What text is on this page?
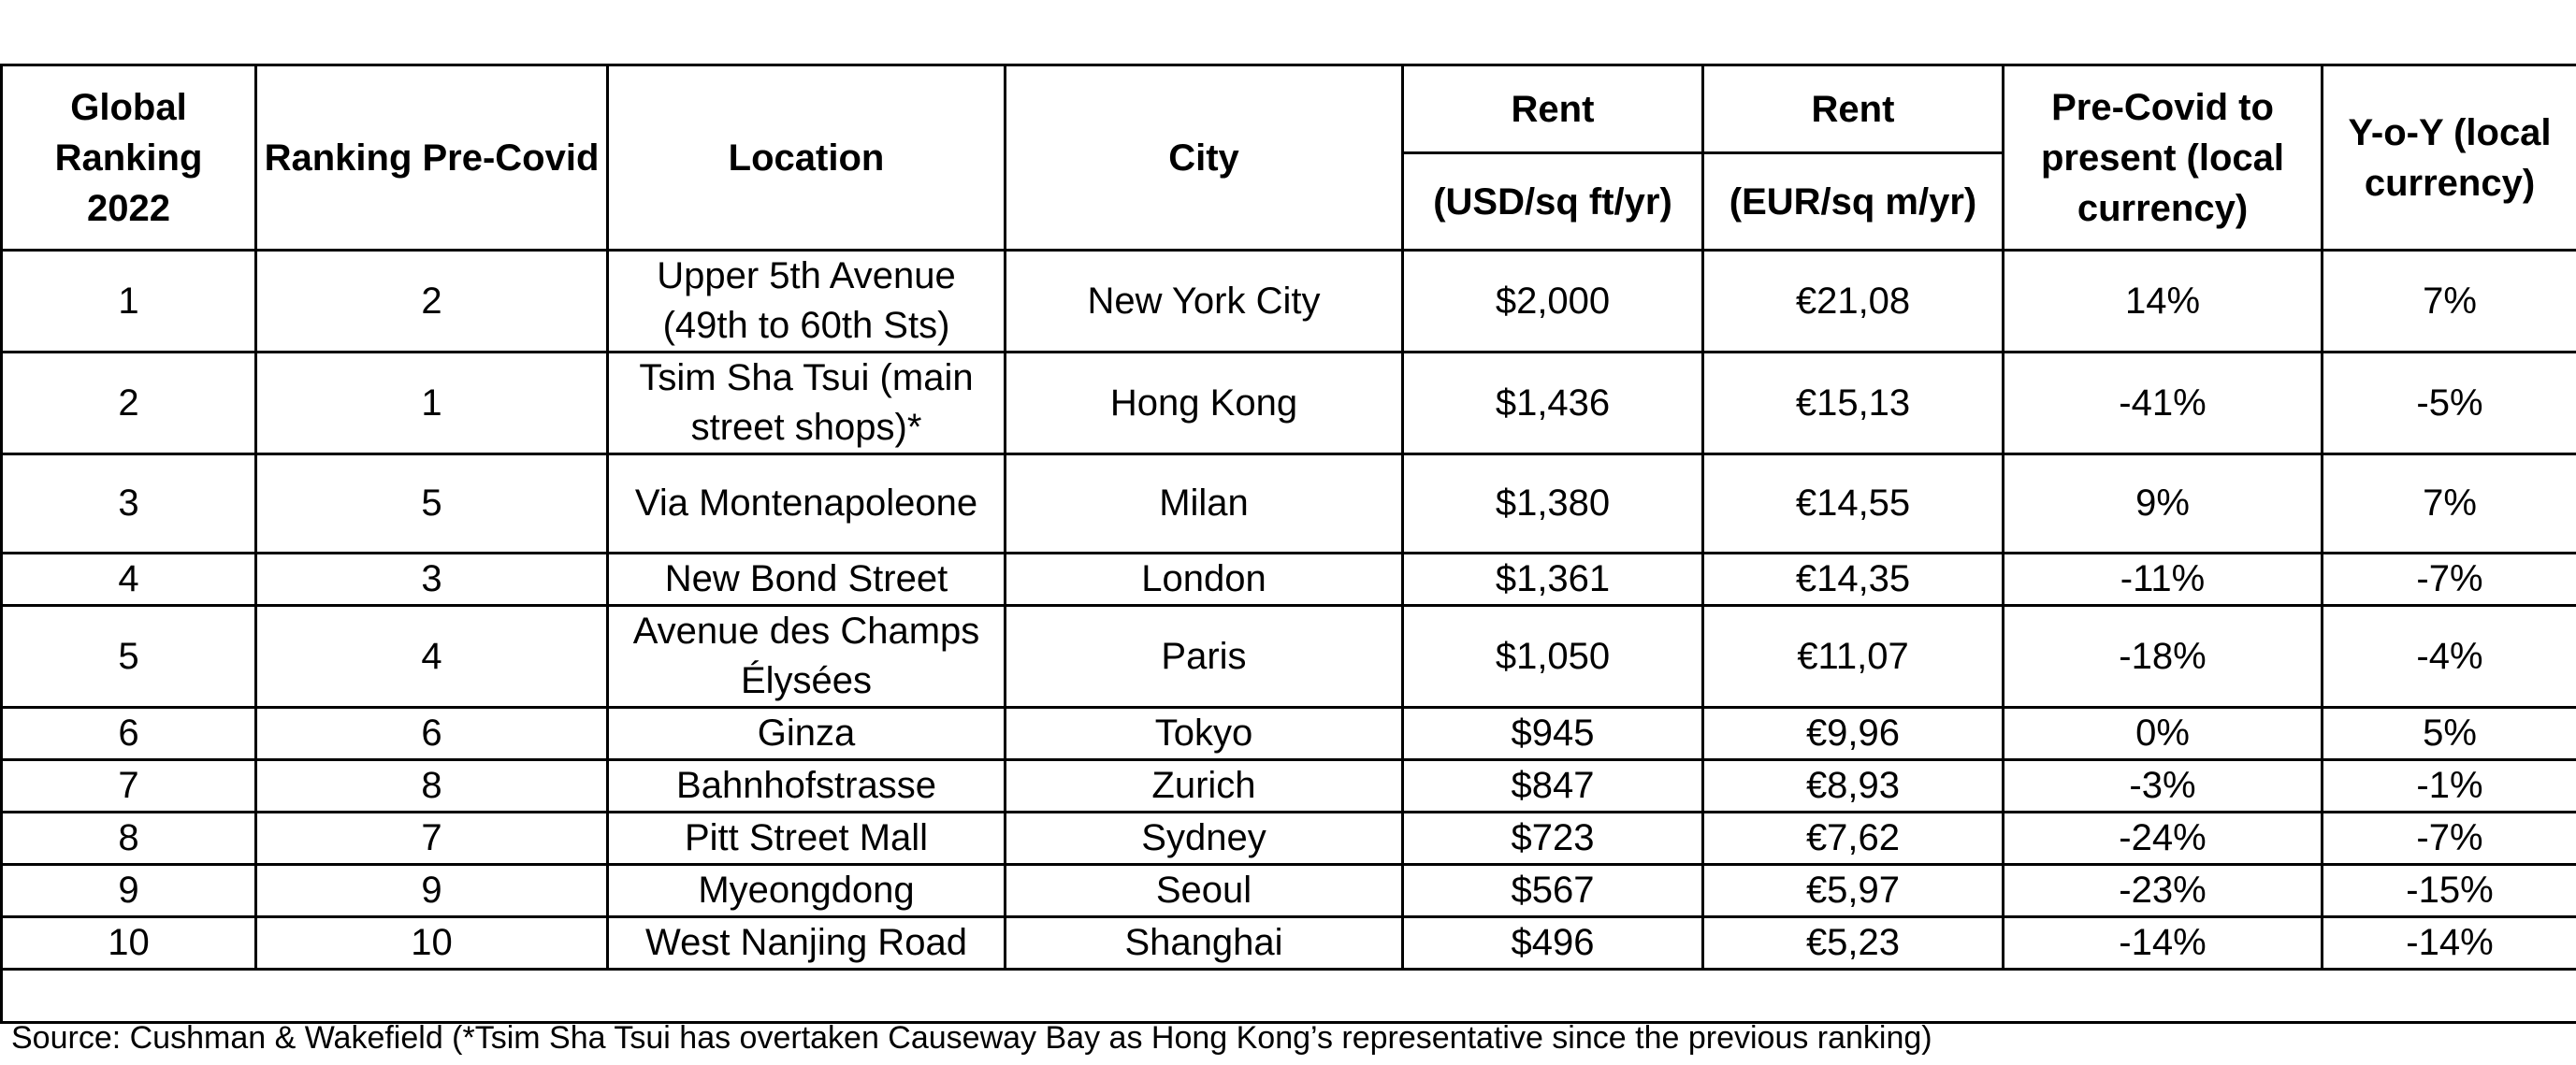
Global Ranking 2022	Ranking Pre-Covid	Location	City	Rent	Rent	Pre-Covid to present (local currency)	Y-o-Y (local currency)
				(USD/sq ft/yr)	(EUR/sq m/yr)		
1	2	Upper 5th Avenue (49th to 60th Sts)	New York City	$2,000	€21,08	14%	7%
2	1	Tsim Sha Tsui (main street shops)*	Hong Kong	$1,436	€15,13	-41%	-5%
3	5	Via Montenapoleone	Milan	$1,380	€14,55	9%	7%
4	3	New Bond Street	London	$1,361	€14,35	-11%	-7%
5	4	Avenue des Champs Élysées	Paris	$1,050	€11,07	-18%	-4%
6	6	Ginza	Tokyo	$945	€9,96	0%	5%
7	8	Bahnhofstrasse	Zurich	$847	€8,93	-3%	-1%
8	7	Pitt Street Mall	Sydney	$723	€7,62	-24%	-7%
9	9	Myeongdong	Seoul	$567	€5,97	-23%	-15%
10	10	West Nanjing Road	Shanghai	$496	€5,23	-14%	-14%

Source: Cushman & Wakefield (*Tsim Sha Tsui has overtaken Causeway Bay as Hong Kong’s representative since the previous ranking)
